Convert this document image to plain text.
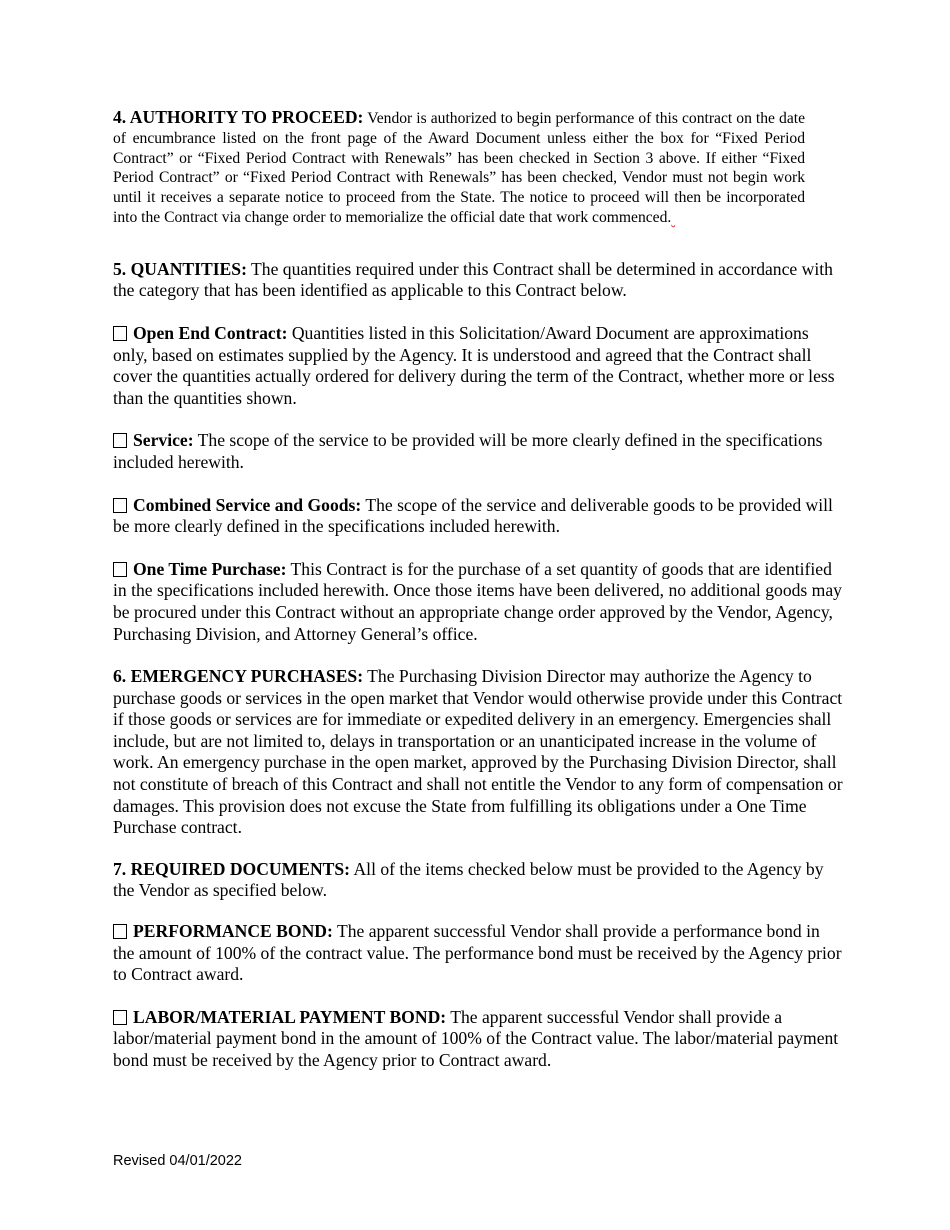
4. AUTHORITY TO PROCEED: Vendor is authorized to begin performance of this contract on the date of encumbrance listed on the front page of the Award Document unless either the box for “Fixed Period Contract” or “Fixed Period Contract with Renewals” has been checked in Section 3 above. If either “Fixed Period Contract” or “Fixed Period Contract with Renewals” has been checked, Vendor must not begin work until it receives a separate notice to proceed from the State. The notice to proceed will then be incorporated into the Contract via change order to memorialize the official date that work commenced.

5. QUANTITIES: The quantities required under this Contract shall be determined in accordance with the category that has been identified as applicable to this Contract below.

Open End Contract: Quantities listed in this Solicitation/Award Document are approximations only, based on estimates supplied by the Agency. It is understood and agreed that the Contract shall cover the quantities actually ordered for delivery during the term of the Contract, whether more or less than the quantities shown.

Service: The scope of the service to be provided will be more clearly defined in the specifications included herewith.

Combined Service and Goods: The scope of the service and deliverable goods to be provided will be more clearly defined in the specifications included herewith.

One Time Purchase: This Contract is for the purchase of a set quantity of goods that are identified in the specifications included herewith. Once those items have been delivered, no additional goods may be procured under this Contract without an appropriate change order approved by the Vendor, Agency, Purchasing Division, and Attorney General’s office.

6. EMERGENCY PURCHASES: The Purchasing Division Director may authorize the Agency to purchase goods or services in the open market that Vendor would otherwise provide under this Contract if those goods or services are for immediate or expedited delivery in an emergency. Emergencies shall include, but are not limited to, delays in transportation or an unanticipated increase in the volume of work. An emergency purchase in the open market, approved by the Purchasing Division Director, shall not constitute of breach of this Contract and shall not entitle the Vendor to any form of compensation or damages. This provision does not excuse the State from fulfilling its obligations under a One Time Purchase contract.

7. REQUIRED DOCUMENTS: All of the items checked below must be provided to the Agency by the Vendor as specified below.

PERFORMANCE BOND: The apparent successful Vendor shall provide a performance bond in the amount of 100% of the contract value. The performance bond must be received by the Agency prior to Contract award.

LABOR/MATERIAL PAYMENT BOND: The apparent successful Vendor shall provide a labor/material payment bond in the amount of 100% of the Contract value. The labor/material payment bond must be received by the Agency prior to Contract award.

Revised 04/01/2022
